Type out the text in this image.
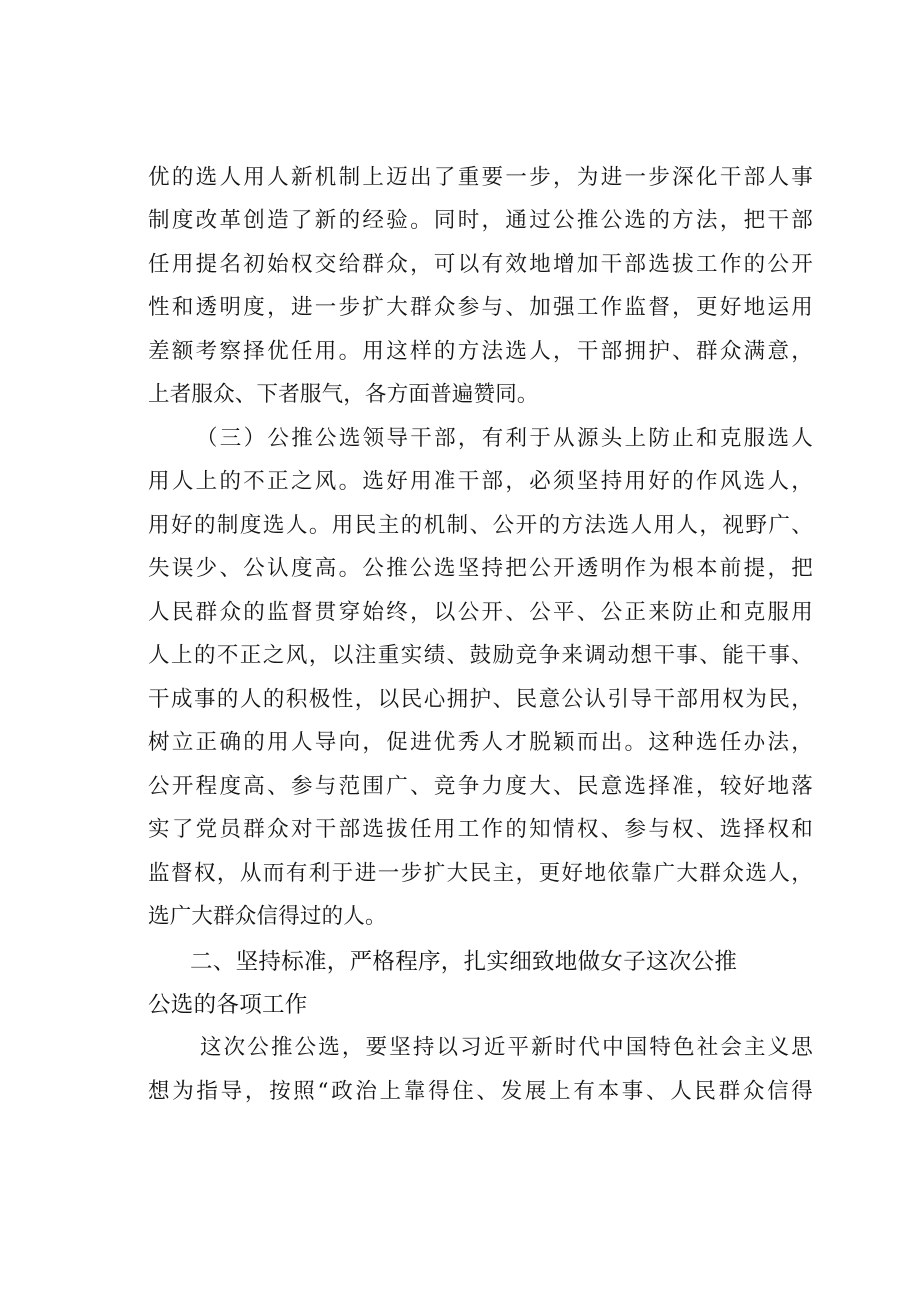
优的选人用人新机制上迈出了重要一步，为进一步深化干部人事
制度改革创造了新的经验。同时，通过公推公选的方法，把干部
任用提名初始权交给群众，可以有效地增加干部选拔工作的公开
性和透明度，进一步扩大群众参与、加强工作监督，更好地运用
差额考察择优任用。用这样的方法选人，干部拥护、群众满意，
上者服众、下者服气，各方面普遍赞同。
（三）公推公选领导干部，有利于从源头上防止和克服选人
用人上的不正之风。选好用准干部，必须坚持用好的作风选人，
用好的制度选人。用民主的机制、公开的方法选人用人，视野广、
失误少、公认度高。公推公选坚持把公开透明作为根本前提，把
人民群众的监督贯穿始终，以公开、公平、公正来防止和克服用
人上的不正之风，以注重实绩、鼓励竞争来调动想干事、能干事、
干成事的人的积极性，以民心拥护、民意公认引导干部用权为民，
树立正确的用人导向，促进优秀人才脱颖而出。这种选任办法，
公开程度高、参与范围广、竞争力度大、民意选择准，较好地落
实了党员群众对干部选拔任用工作的知情权、参与权、选择权和
监督权，从而有利于进一步扩大民主，更好地依靠广大群众选人，
选广大群众信得过的人。
二、坚持标准，严格程序，扎实细致地做女子这次公推
公选的各项工作
这次公推公选，要坚持以习近平新时代中国特色社会主义思
想为指导，按照“政治上靠得住、发展上有本事、人民群众信得
